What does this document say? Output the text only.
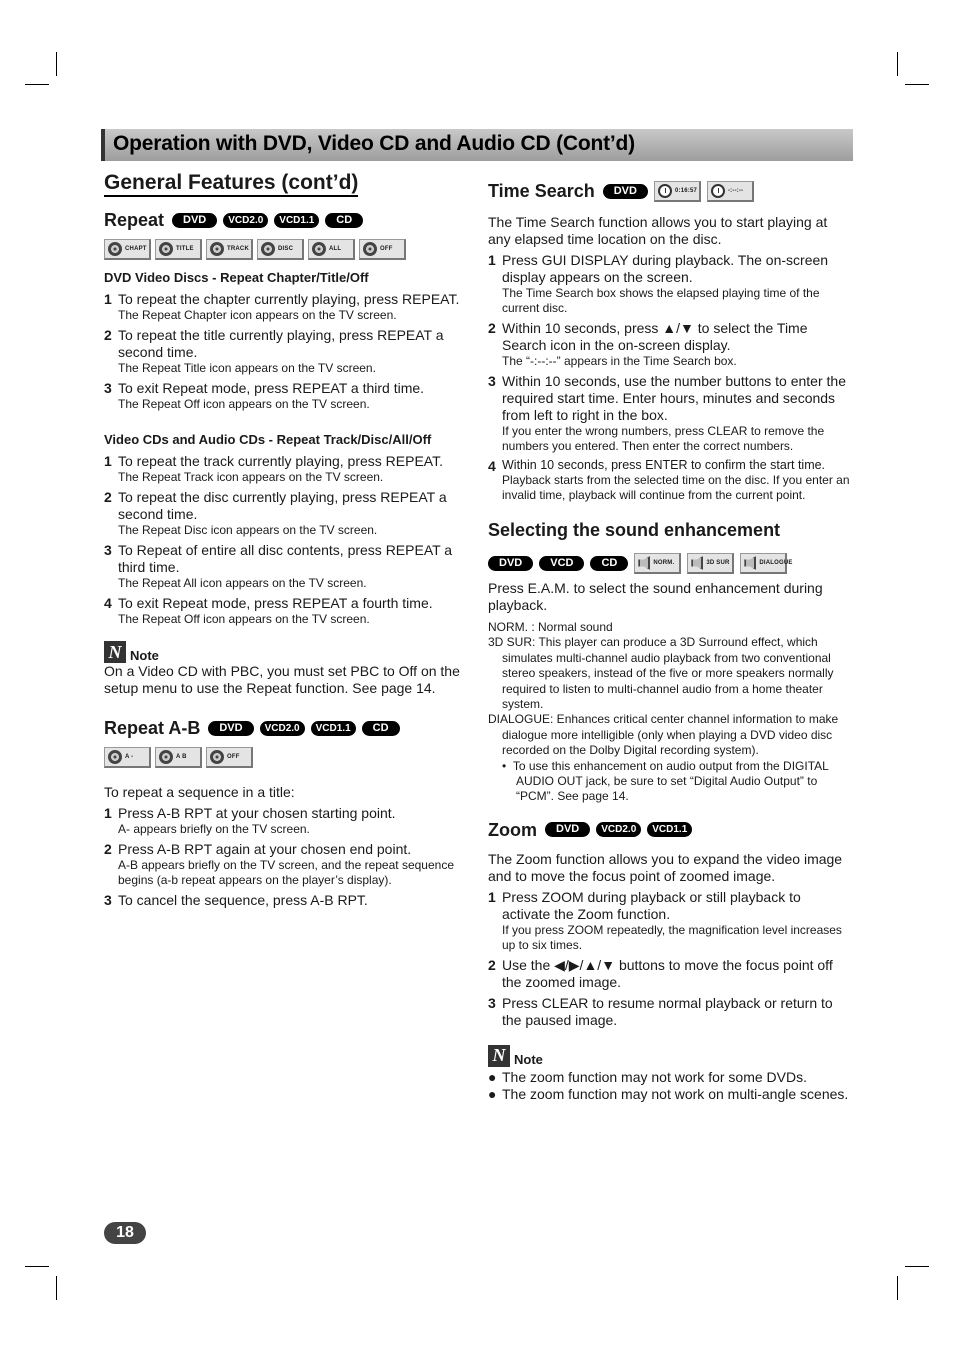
Operation with DVD, Video CD and Audio CD (Cont’d)
General Features (cont’d)
Repeat	DVD	VCD2.0	VCD1.1	CD
CHAPT	TITLE	TRACK	DISC	ALL	OFF
DVD Video Discs - Repeat Chapter/Title/Off
1 To repeat the chapter currently playing, press REPEAT.
The Repeat Chapter icon appears on the TV screen.
2 To repeat the title currently playing, press REPEAT a second time.
The Repeat Title icon appears on the TV screen.
3 To exit Repeat mode, press REPEAT a third time.
The Repeat Off icon appears on the TV screen.
Video CDs and Audio CDs - Repeat Track/Disc/All/Off
1 To repeat the track currently playing, press REPEAT.
The Repeat Track icon appears on the TV screen.
2 To repeat the disc currently playing, press REPEAT a second time.
The Repeat Disc icon appears on the TV screen.
3 To Repeat of entire all disc contents, press REPEAT a third time.
The Repeat All icon appears on the TV screen.
4 To exit Repeat mode, press REPEAT a fourth time.
The Repeat Off icon appears on the TV screen.
N Note
On a Video CD with PBC, you must set PBC to Off on the setup menu to use the Repeat function. See page 14.
Repeat A-B	DVD	VCD2.0	VCD1.1	CD
A -	A B	OFF
To repeat a sequence in a title:
1 Press A-B RPT at your chosen starting point.
A- appears briefly on the TV screen.
2 Press A-B RPT again at your chosen end point.
A-B appears briefly on the TV screen, and the repeat sequence begins (a-b repeat appears on the player’s display).
3 To cancel the sequence, press A-B RPT.
Time Search	DVD	0:16:57	-:--:--
The Time Search function allows you to start playing at any elapsed time location on the disc.
1 Press GUI DISPLAY during playback. The on-screen display appears on the screen.
The Time Search box shows the elapsed playing time of the current disc.
2 Within 10 seconds, press ▲/▼ to select the Time Search icon in the on-screen display.
The “-:--:--” appears in the Time Search box.
3 Within 10 seconds, use the number buttons to enter the required start time. Enter hours, minutes and seconds from left to right in the box.
If you enter the wrong numbers, press CLEAR to remove the numbers you entered. Then enter the correct numbers.
4 Within 10 seconds, press ENTER to confirm the start time.
Playback starts from the selected time on the disc. If you enter an invalid time, playback will continue from the current point.
Selecting the sound enhancement
DVD	VCD	CD	NORM.	3D SUR	DIALOGUE
Press E.A.M. to select the sound enhancement during playback.
NORM. : Normal sound
3D SUR: This player can produce a 3D Surround effect, which simulates multi-channel audio playback from two conventional stereo speakers, instead of the five or more speakers normally required to listen to multi-channel audio from a home theater system.
DIALOGUE: Enhances critical center channel information to make dialogue more intelligible (only when playing a DVD video disc recorded on the Dolby Digital recording system).
•  To use this enhancement on audio output from the DIGITAL AUDIO OUT jack, be sure to set “Digital Audio Output” to “PCM”. See page 14.
Zoom	DVD	VCD2.0	VCD1.1
The Zoom function allows you to expand the video image and to move the focus point of zoomed image.
1 Press ZOOM during playback or still playback to activate the Zoom function.
If you press ZOOM repeatedly, the magnification level increases up to six times.
2 Use the ◀/▶/▲/▼ buttons to move the focus point off the zoomed image.
3 Press CLEAR to resume normal playback or return to the paused image.
N Note
● The zoom function may not work for some DVDs.
● The zoom function may not work on multi-angle scenes.
18
